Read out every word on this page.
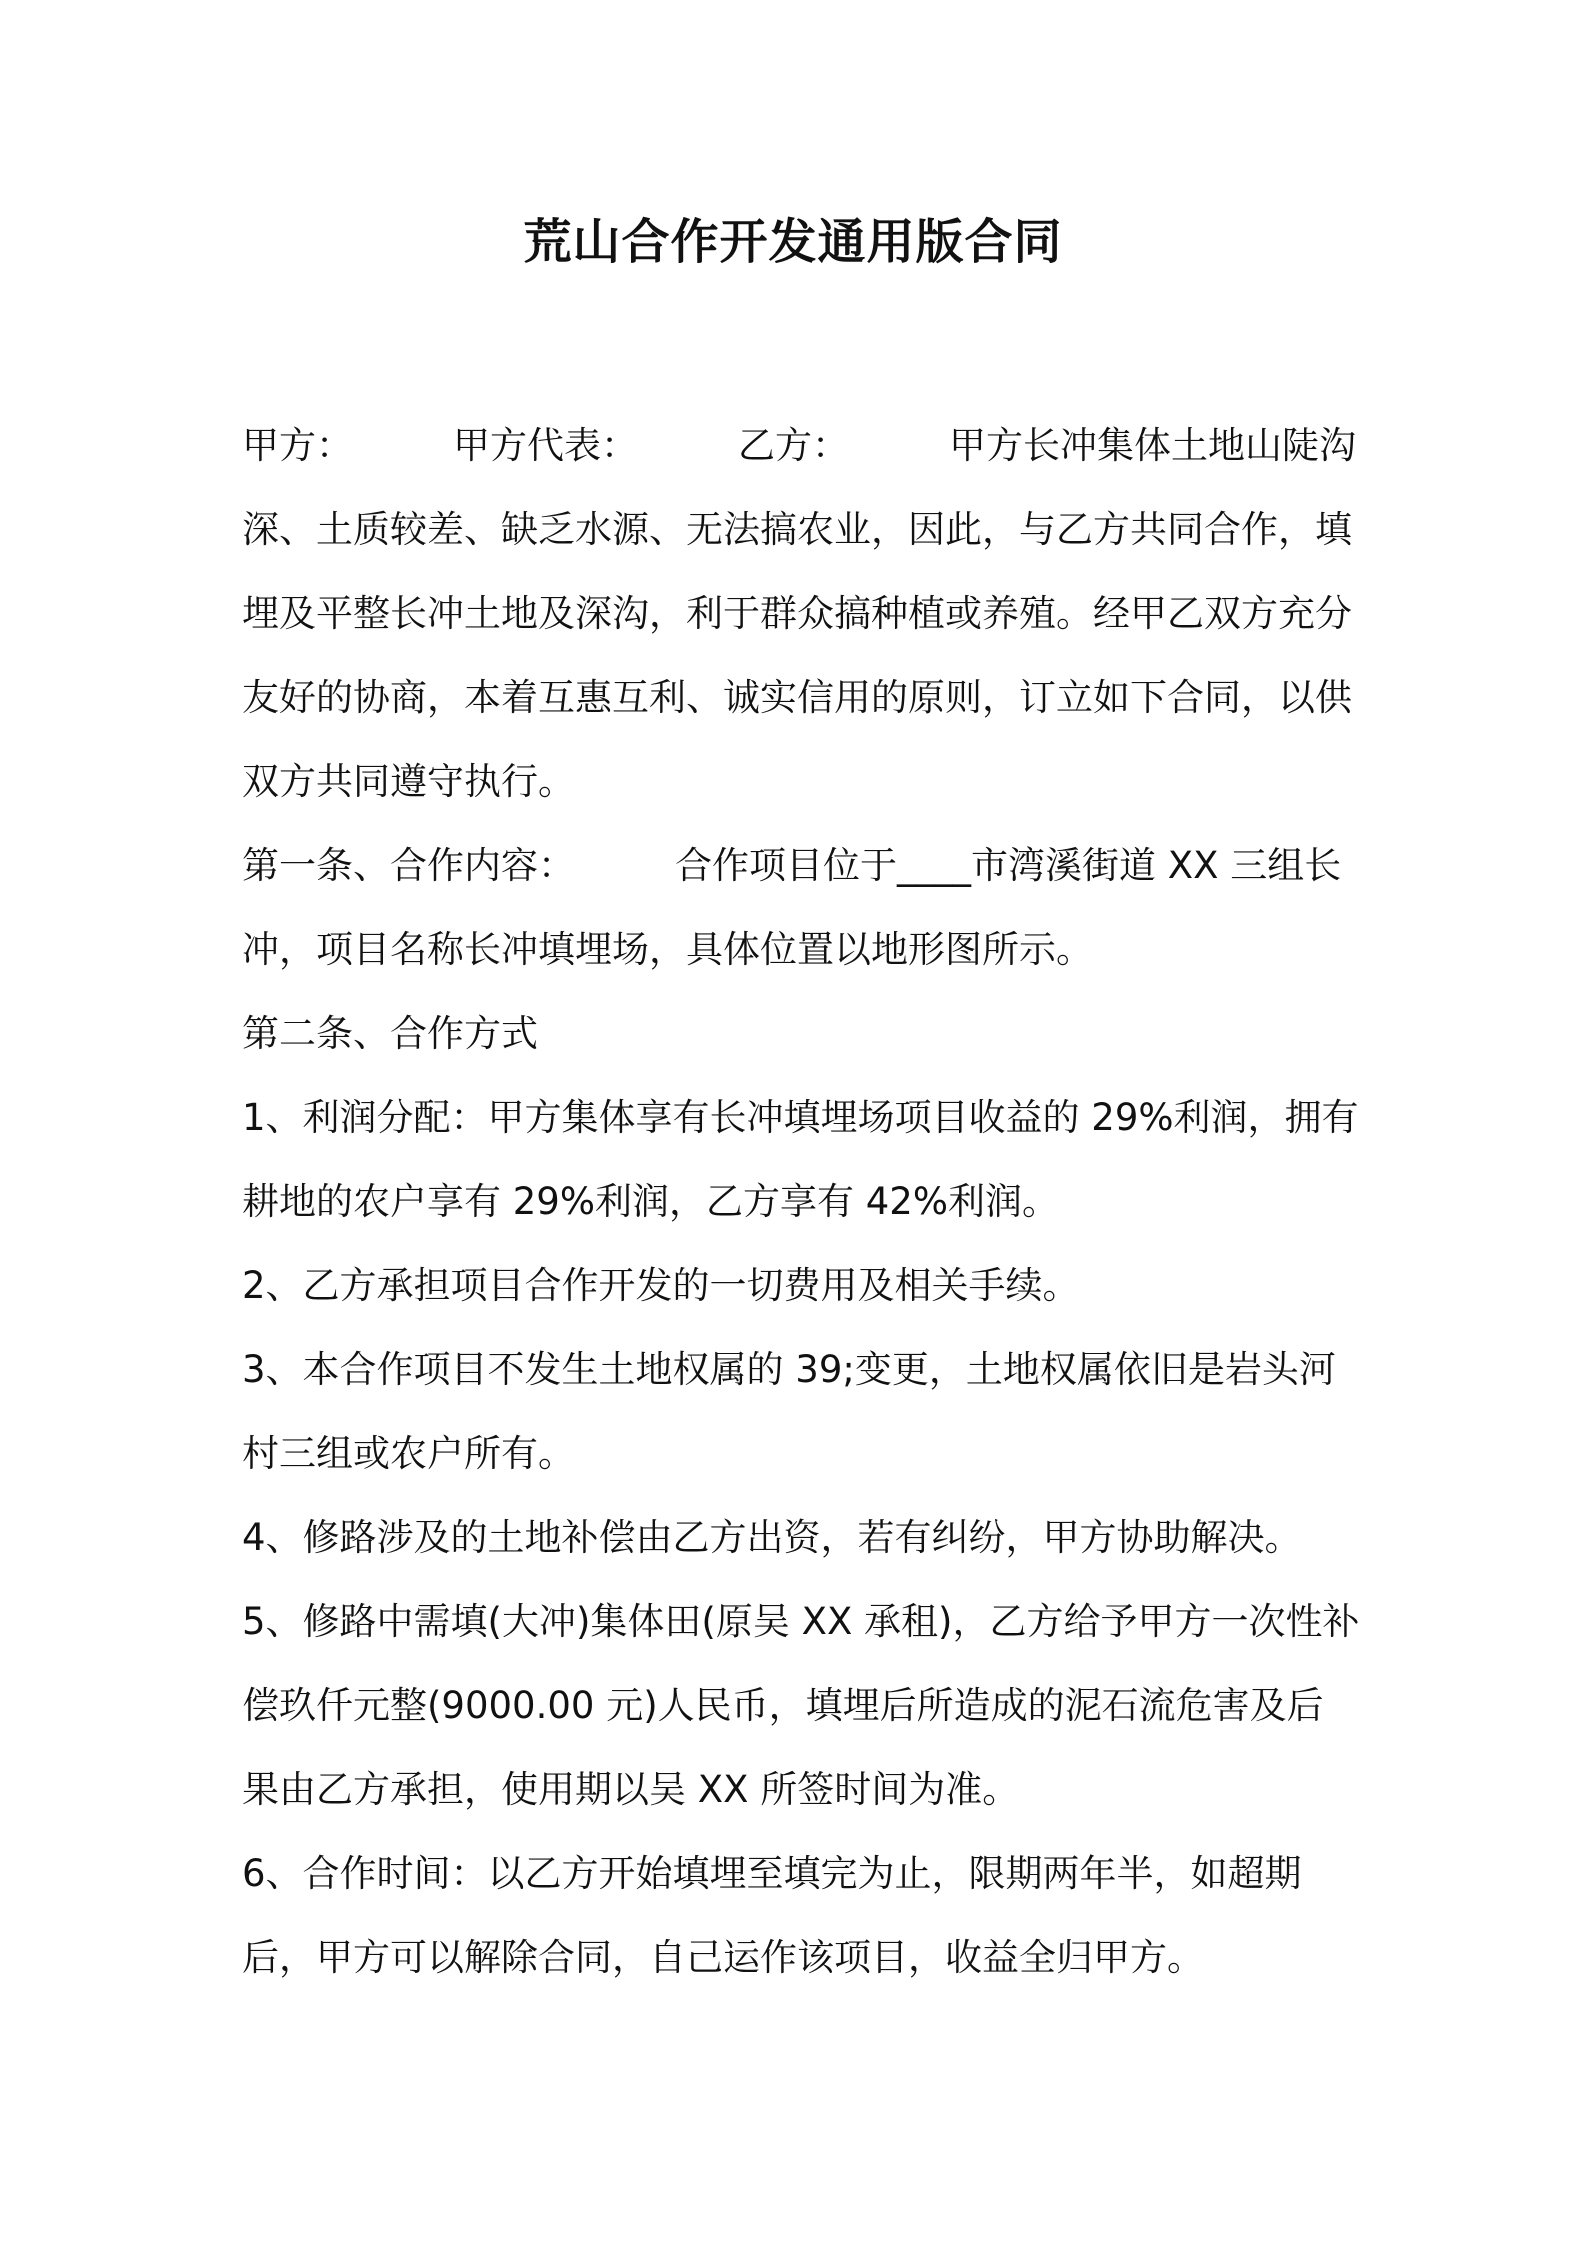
荒山合作开发通用版合同

甲方：	甲方代表：	乙方：	甲方长冲集体土地山陡沟深、土质较差、缺乏水源、无法搞农业，因此，与乙方共同合作，填埋及平整长冲土地及深沟，利于群众搞种植或养殖。经甲乙双方充分友好的协商，本着互惠互利、诚实信用的原则，订立如下合同，以供双方共同遵守执行。

第一条、合作内容：	合作项目位于____市湾溪街道 XX 三组长冲，项目名称长冲填埋场，具体位置以地形图所示。

第二条、合作方式

1、利润分配：甲方集体享有长冲填埋场项目收益的 29%利润，拥有耕地的农户享有 29%利润，乙方享有 42%利润。

2、乙方承担项目合作开发的一切费用及相关手续。

3、本合作项目不发生土地权属的 39;变更，土地权属依旧是岩头河村三组或农户所有。

4、修路涉及的土地补偿由乙方出资，若有纠纷，甲方协助解决。

5、修路中需填(大冲)集体田(原吴 XX 承租)，乙方给予甲方一次性补偿玖仟元整(9000.00 元)人民币，填埋后所造成的泥石流危害及后果由乙方承担，使用期以吴 XX 所签时间为准。

6、合作时间：以乙方开始填埋至填完为止，限期两年半，如超期后，甲方可以解除合同，自己运作该项目，收益全归甲方。
